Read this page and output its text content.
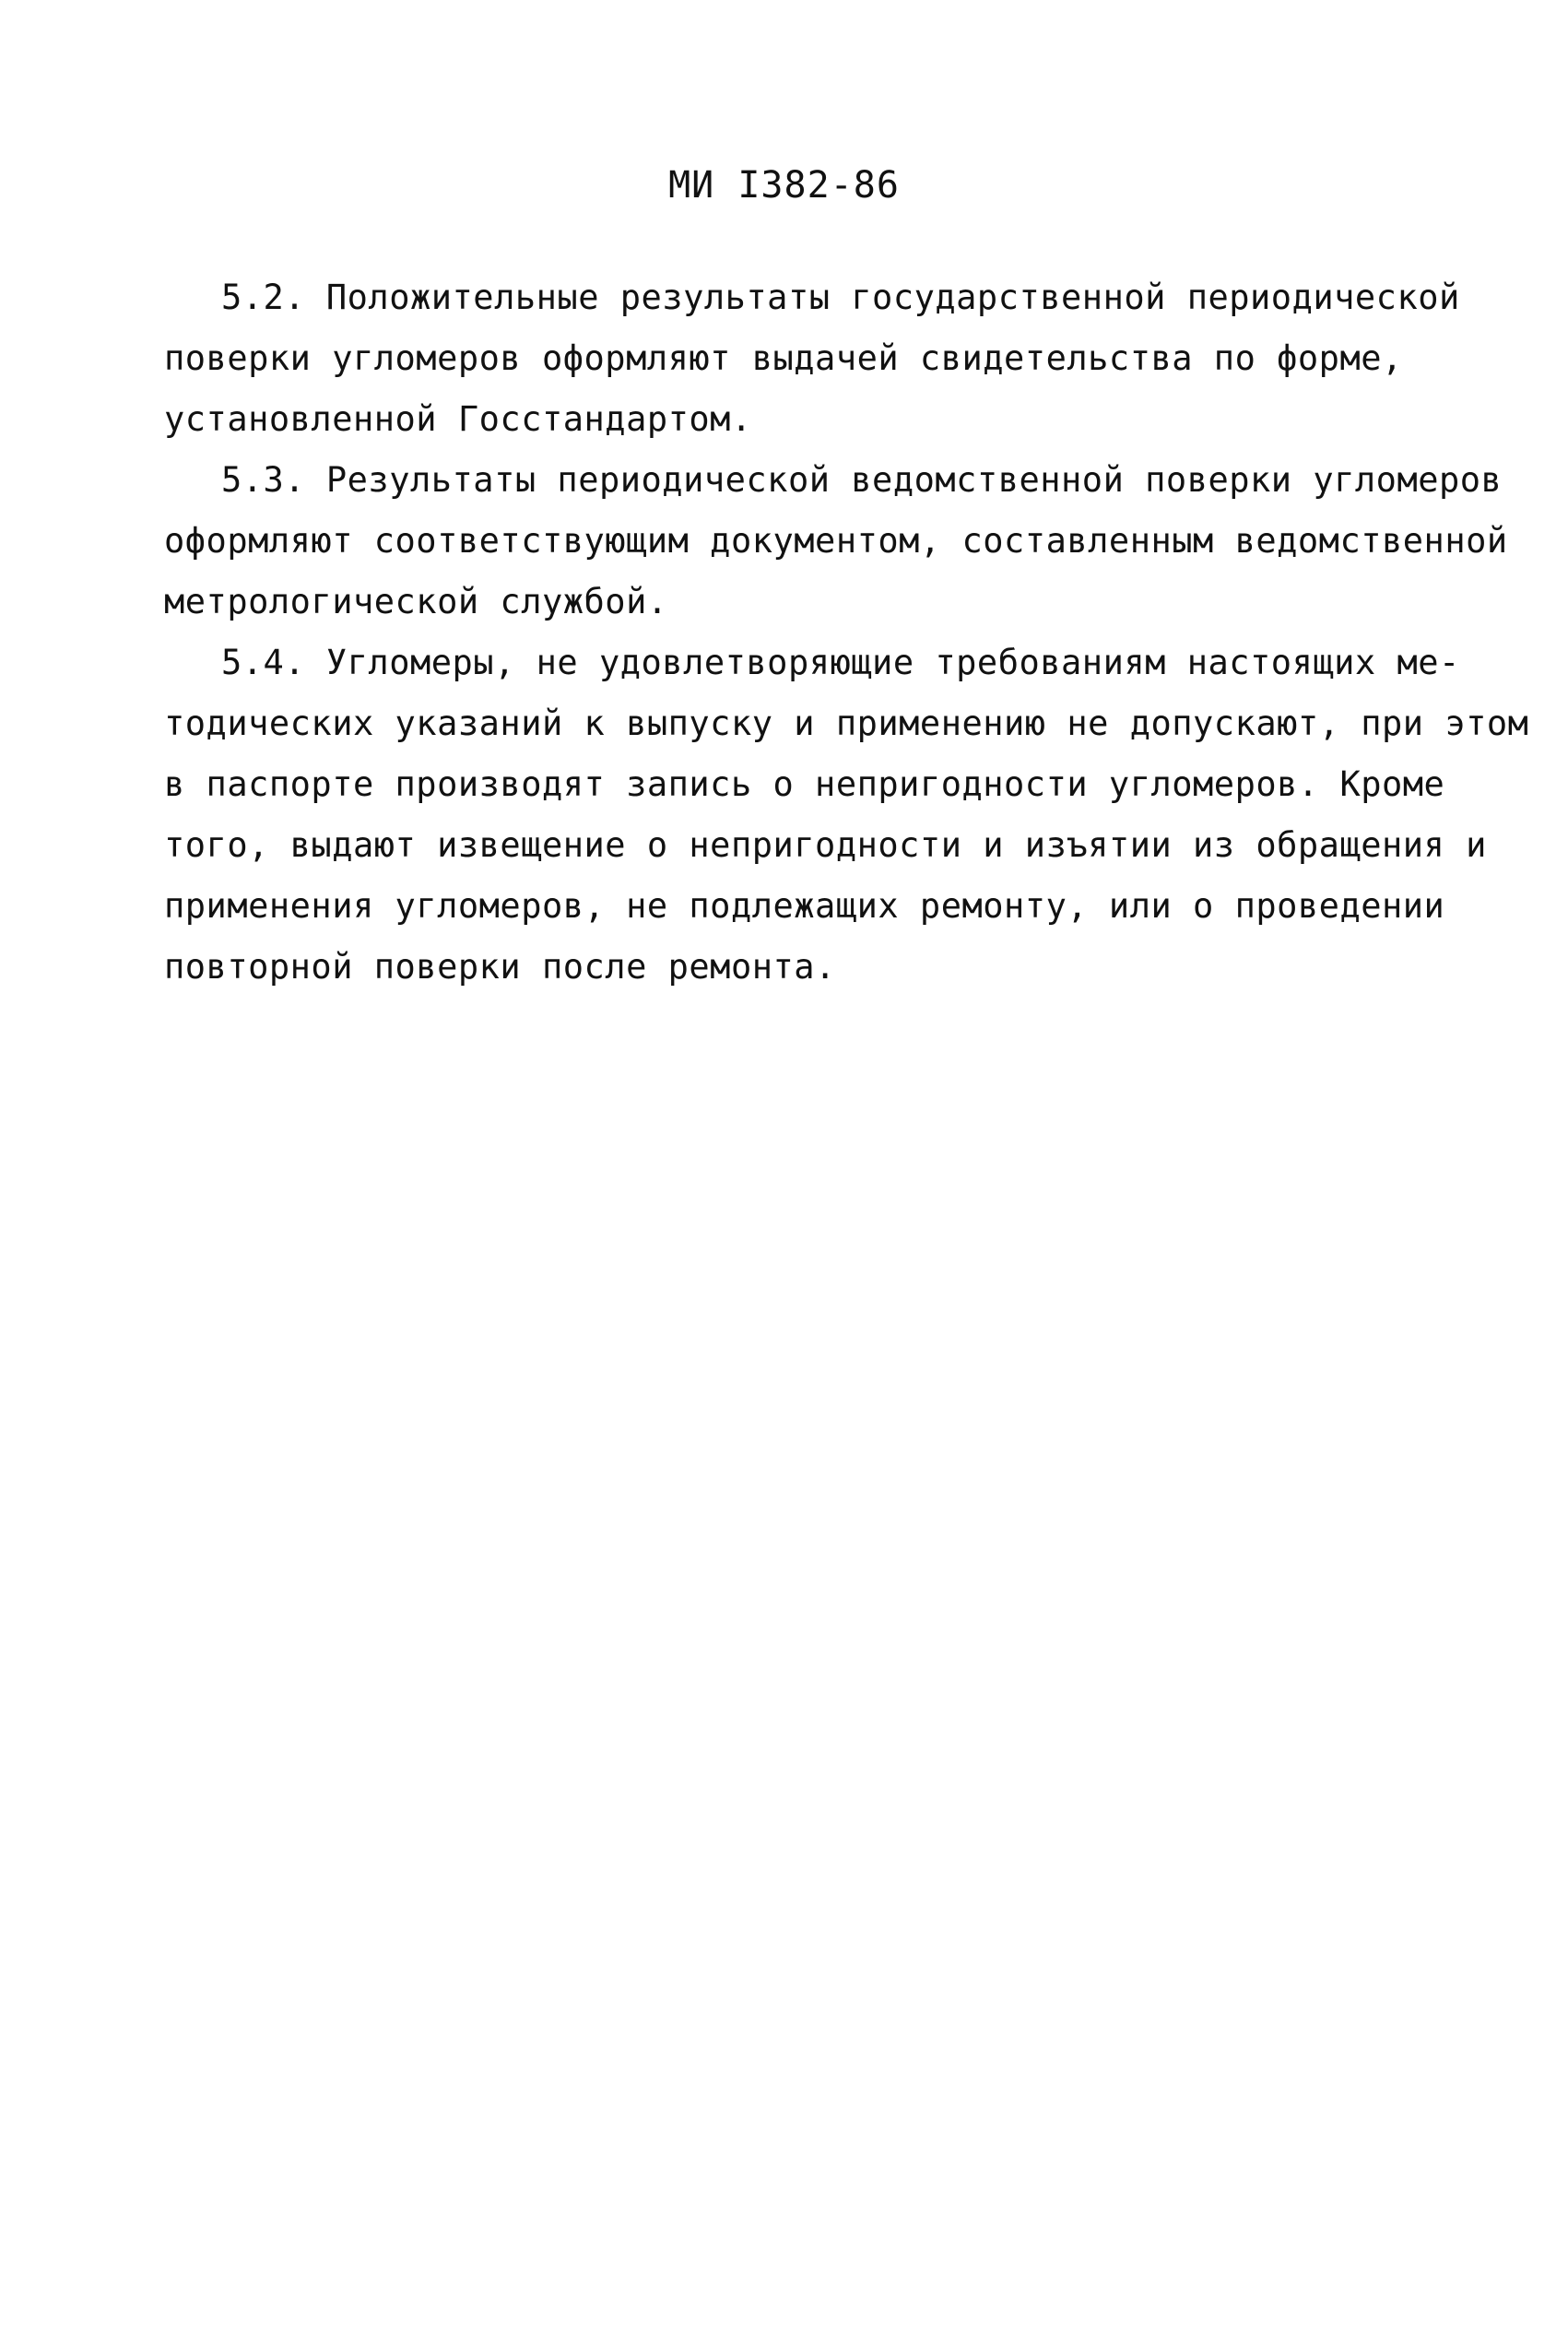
МИ I382-86
5.2. Положительные результаты государственной периодической
поверки угломеров оформляют выдачей свидетельства по форме,
установленной Госстандартом.
5.3. Результаты периодической ведомственной поверки угломеров
оформляют соответствующим документом, составленным ведомственной
метрологической службой.
5.4. Угломеры, не удовлетворяющие требованиям настоящих ме-
тодических указаний к выпуску и применению не допускают, при этом
в паспорте производят запись о непригодности угломеров. Кроме
того, выдают извещение о непригодности и изъятии из обращения и
применения угломеров, не подлежащих ремонту, или о проведении
повторной поверки после ремонта.
